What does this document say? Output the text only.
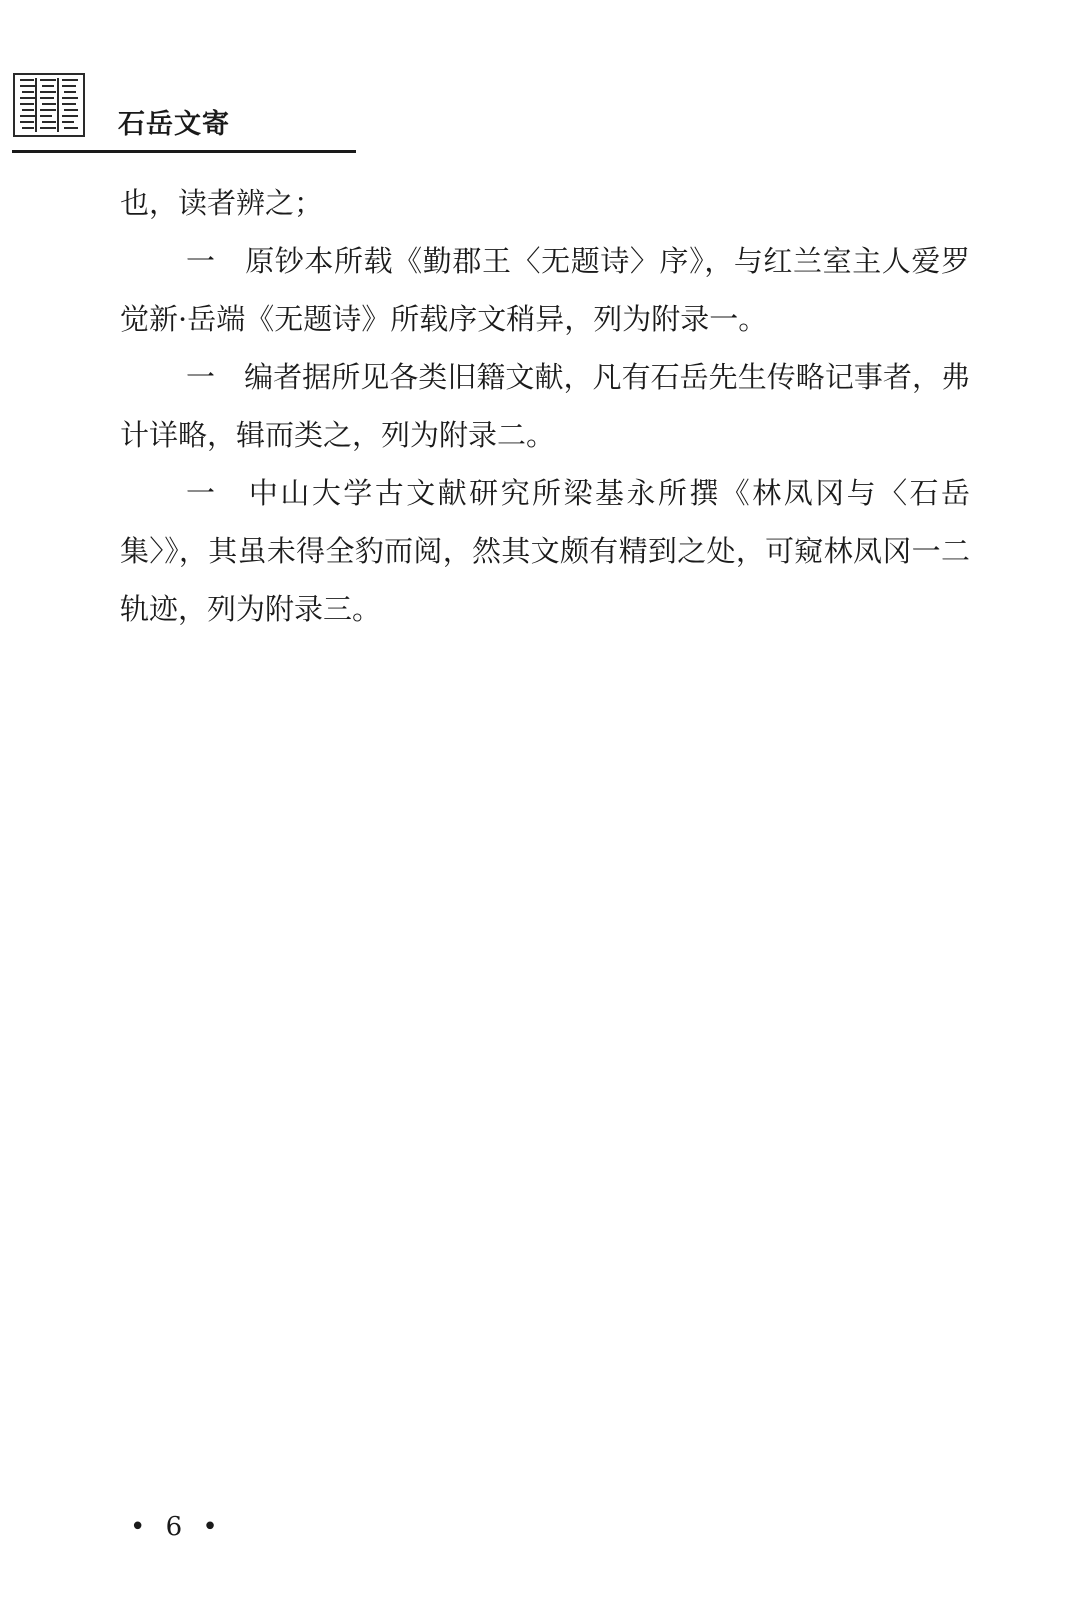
石岳文寄

也，读者辨之；

一　原钞本所载《勤郡王〈无题诗〉序》，与红兰室主人爱罗觉新·岳端《无题诗》所载序文稍异，列为附录一。

一　编者据所见各类旧籍文献，凡有石岳先生传略记事者，弗计详略，辑而类之，列为附录二。

一　中山大学古文献研究所梁基永所撰《林凤冈与〈石岳集〉》，其虽未得全豹而阅，然其文颇有精到之处，可窥林凤冈一二轨迹，列为附录三。

• 6 •
